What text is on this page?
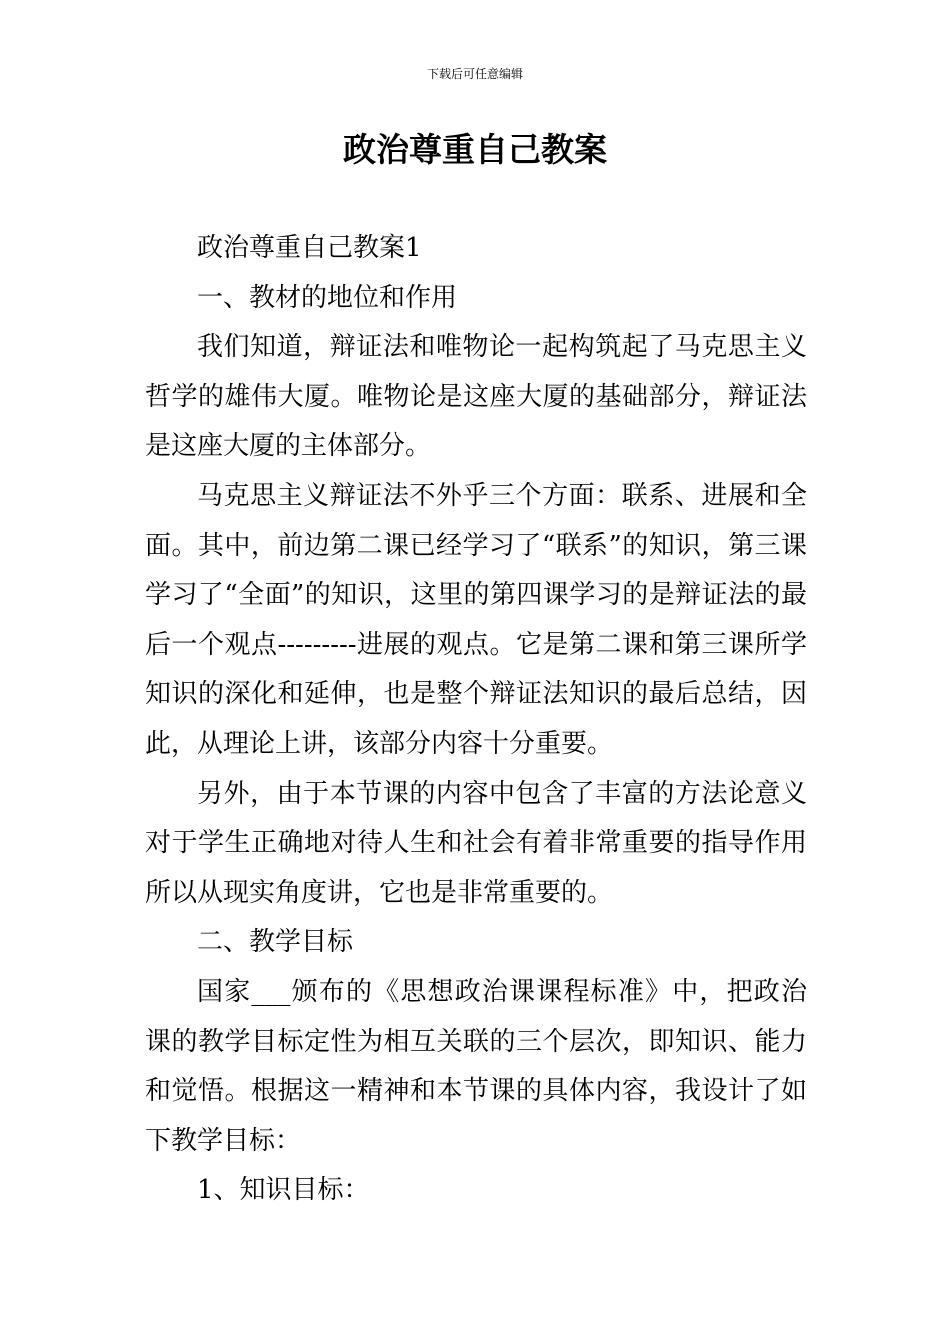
下载后可任意编辑
政治尊重自己教案

政治尊重自己教案1

一、教材的地位和作用

我们知道，辩证法和唯物论一起构筑起了马克思主义哲学的雄伟大厦。唯物论是这座大厦的基础部分，辩证法是这座大厦的主体部分。

马克思主义辩证法不外乎三个方面：联系、进展和全面。其中，前边第二课已经学习了“联系”的知识，第三课学习了“全面”的知识，这里的第四课学习的是辩证法的最后一个观点---------进展的观点。它是第二课和第三课所学知识的深化和延伸，也是整个辩证法知识的最后总结，因此，从理论上讲，该部分内容十分重要。

另外，由于本节课的内容中包含了丰富的方法论意义对于学生正确地对待人生和社会有着非常重要的指导作用所以从现实角度讲，它也是非常重要的。

二、教学目标

国家___颁布的《思想政治课课程标准》中，把政治课的教学目标定性为相互关联的三个层次，即知识、能力和觉悟。根据这一精神和本节课的具体内容，我设计了如下教学目标：

1、知识目标：
